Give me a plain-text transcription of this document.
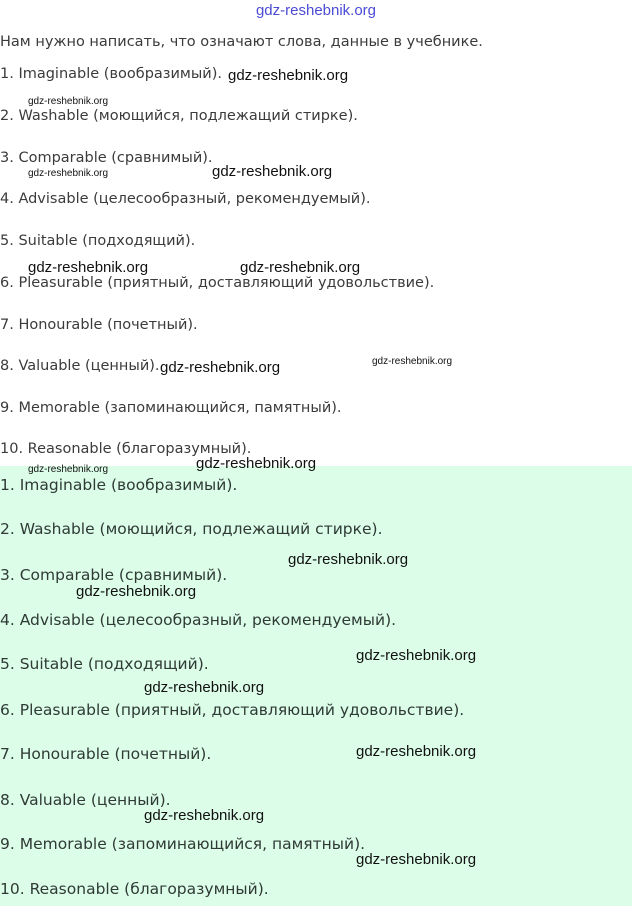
gdz-reshebnik.org
Нам нужно написать, что означают слова, данные в учебнике.
1. Imaginable (вообразимый).
2. Washable (моющийся, подлежащий стирке).
3. Comparable (сравнимый).
4. Advisable (целесообразный, рекомендуемый).
5. Suitable (подходящий).
6. Pleasurable (приятный, доставляющий удовольствие).
7. Honourable (почетный).
8. Valuable (ценный).
9. Memorable (запоминающийся, памятный).
10. Reasonable (благоразумный).
1. Imaginable (вообразимый).
2. Washable (моющийся, подлежащий стирке).
3. Comparable (сравнимый).
4. Advisable (целесообразный, рекомендуемый).
5. Suitable (подходящий).
6. Pleasurable (приятный, доставляющий удовольствие).
7. Honourable (почетный).
8. Valuable (ценный).
9. Memorable (запоминающийся, памятный).
10. Reasonable (благоразумный).
gdz-reshebnik.org
gdz-reshebnik.org
gdz-reshebnik.org	gdz-reshebnik.org
gdz-reshebnik.org	gdz-reshebnik.org
gdz-reshebnik.org	gdz-reshebnik.org
gdz-reshebnik.org	gdz-reshebnik.org
gdz-reshebnik.org
gdz-reshebnik.org
gdz-reshebnik.org
gdz-reshebnik.org
gdz-reshebnik.org
gdz-reshebnik.org
gdz-reshebnik.org
